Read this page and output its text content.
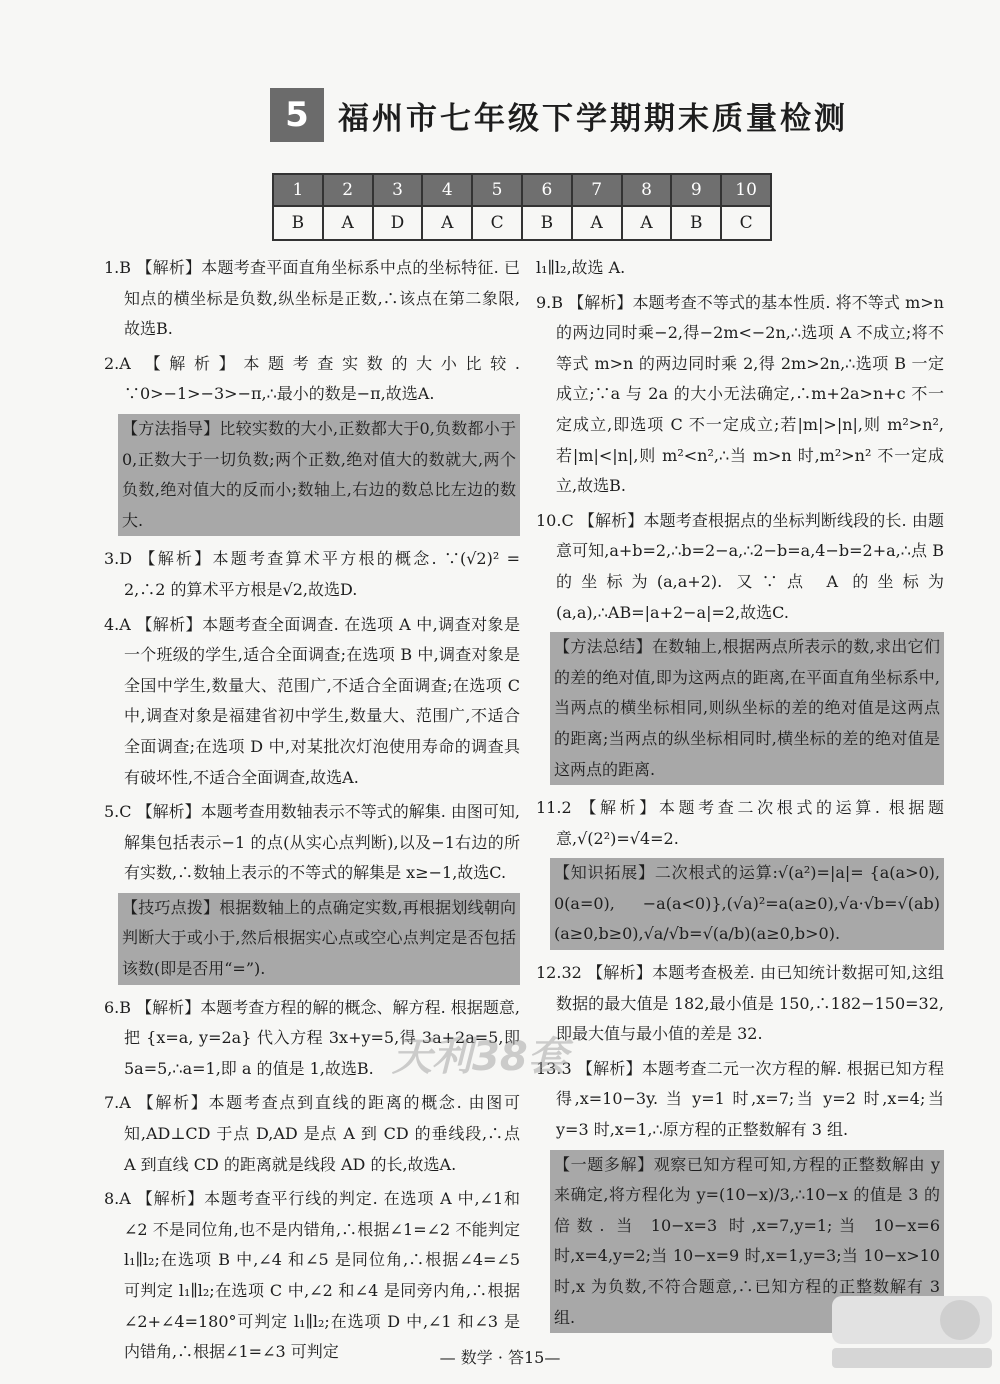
5 福州市七年级下学期期末质量检测
1	2	3	4	5	6	7	8	9	10
B	A	D	A	C	B	A	A	B	C
1.B 【解析】本题考查平面直角坐标系中点的坐标特征. 已知点的横坐标是负数,纵坐标是正数,∴该点在第二象限,故选B.
2.A 【解析】本题考查实数的大小比较. ∵0>−1>−3>−π,∴最小的数是−π,故选A.
【方法指导】比较实数的大小,正数都大于0,负数都小于0,正数大于一切负数;两个正数,绝对值大的数就大,两个负数,绝对值大的反而小;数轴上,右边的数总比左边的数大.
3.D 【解析】本题考查算术平方根的概念. ∵(√2)² = 2,∴2 的算术平方根是√2,故选D.
4.A 【解析】本题考查全面调查. 在选项 A 中,调查对象是一个班级的学生,适合全面调查;在选项 B 中,调查对象是全国中学生,数量大、范围广,不适合全面调查;在选项 C 中,调查对象是福建省初中学生,数量大、范围广,不适合全面调查;在选项 D 中,对某批次灯泡使用寿命的调查具有破坏性,不适合全面调查,故选A.
5.C 【解析】本题考查用数轴表示不等式的解集. 由图可知,解集包括表示−1 的点(从实心点判断),以及−1右边的所有实数,∴数轴上表示的不等式的解集是 x≥−1,故选C.
【技巧点拨】根据数轴上的点确定实数,再根据划线朝向判断大于或小于,然后根据实心点或空心点判定是否包括该数(即是否用“=”).
6.B 【解析】本题考查方程的解的概念、解方程. 根据题意,把 {x=a, y=2a} 代入方程 3x+y=5,得 3a+2a=5,即 5a=5,∴a=1,即 a 的值是 1,故选B.
7.A 【解析】本题考查点到直线的距离的概念. 由图可知,AD⊥CD 于点 D,AD 是点 A 到 CD 的垂线段,∴点 A 到直线 CD 的距离就是线段 AD 的长,故选A.
8.A 【解析】本题考查平行线的判定. 在选项 A 中,∠1和∠2 不是同位角,也不是内错角,∴根据∠1=∠2 不能判定 l₁∥l₂;在选项 B 中,∠4 和∠5 是同位角,∴根据∠4=∠5 可判定 l₁∥l₂;在选项 C 中,∠2 和∠4 是同旁内角,∴根据∠2+∠4=180°可判定 l₁∥l₂;在选项 D 中,∠1 和∠3 是内错角,∴根据∠1=∠3 可判定
l₁∥l₂,故选 A.
9.B 【解析】本题考查不等式的基本性质. 将不等式 m>n 的两边同时乘−2,得−2m<−2n,∴选项 A 不成立;将不等式 m>n 的两边同时乘 2,得 2m>2n,∴选项 B 一定成立;∵a 与 2a 的大小无法确定,∴m+2a>n+c 不一定成立,即选项 C 不一定成立;若|m|>|n|,则 m²>n²,若|m|<|n|,则 m²<n²,∴当 m>n 时,m²>n² 不一定成立,故选B.
10.C 【解析】本题考查根据点的坐标判断线段的长. 由题意可知,a+b=2,∴b=2−a,∴2−b=a,4−b=2+a,∴点 B 的坐标为(a,a+2). 又∵点 A 的坐标为(a,a),∴AB=|a+2−a|=2,故选C.
【方法总结】在数轴上,根据两点所表示的数,求出它们的差的绝对值,即为这两点的距离,在平面直角坐标系中,当两点的横坐标相同,则纵坐标的差的绝对值是这两点的距离;当两点的纵坐标相同时,横坐标的差的绝对值是这两点的距离.
11.2 【解析】本题考查二次根式的运算. 根据题意,√(2²)=√4=2.
【知识拓展】二次根式的运算:√(a²)=|a|= {a(a>0), 0(a=0), −a(a<0)},(√a)²=a(a≥0),√a·√b=√(ab)(a≥0,b≥0),√a/√b=√(a/b)(a≥0,b>0).
12.32 【解析】本题考查极差. 由已知统计数据可知,这组数据的最大值是 182,最小值是 150,∴182−150=32,即最大值与最小值的差是 32.
13.3 【解析】本题考查二元一次方程的解. 根据已知方程得,x=10−3y. 当 y=1 时,x=7;当 y=2 时,x=4;当 y=3 时,x=1,∴原方程的正整数解有 3 组.
【一题多解】观察已知方程可知,方程的正整数解由 y 来确定,将方程化为 y=(10−x)/3,∴10−x 的值是 3 的倍数. 当 10−x=3 时,x=7,y=1;当 10−x=6 时,x=4,y=2;当 10−x=9 时,x=1,y=3;当 10−x>10 时,x 为负数,不符合题意,∴已知方程的正整数解有 3 组.
天利38套
— 数学 · 答15—
